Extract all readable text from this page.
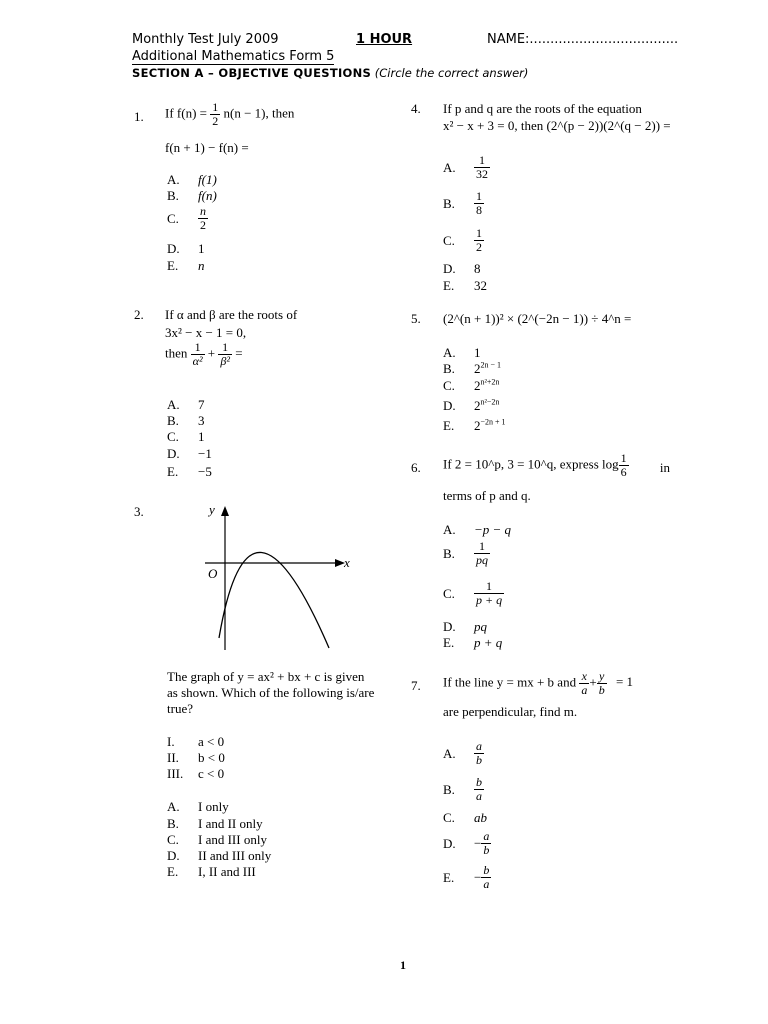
Monthly Test July 2009	1 HOUR	NAME:....................................
Additional Mathematics Form 5
SECTION A – OBJECTIVE QUESTIONS (Circle the correct answer)
1. If $f(n) = \frac{1}{2} n(n - 1)$, then
f(n + 1) − f(n) =
A. f(1)
B. f(n)
C. $\frac{n}{2}$
D. 1
E. n
2. If α and β are the roots of
3x² − x − 1 = 0,
then $\frac{1}{\text{α²}} + \frac{1}{\text{β²}}$ =
A. 7
B. 3
C. 1
D. −1
E. −5
3.	y
x
O
The graph of y = ax² + bx + c is given
as shown. Which of the following is/are
true?
I. a < 0
II. b < 0
III. c < 0
A. I only
B. I and II only
C. I and III only
D. II and III only
E. I, II and III
4. If p and q are the roots of the equation
x² − x + 3 = 0, then (2^(p − 2))(2^(q − 2)) =
A. $\frac{1}{32}$
B. $\frac{1}{8}$
C. $\frac{1}{2}$
D. 8
E. 32
5. (2^(n + 1))² × (2^(−2n − 1)) ÷ 4^n =
A. 1
B. $2^{2n - 1}$
C. $2^{n^2+2n}$
D. $2^{n^2-2n}$
E. $2^{-2n + 1}$
6. If 2 = 10^p, 3 = 10^q, express $\log \frac{1}{6}$ in
terms of p and q.
A. −p − q
B. $\frac{1}{pq}$
C. $\frac{1}{p + q}$
D. pq
E. p + q
7. If the line y = mx + b and $\frac{x}{a} + \frac{y}{b} = 1$
are perpendicular, find m.
A. $\frac{a}{b}$
B. $\frac{b}{a}$
C. ab
D. − $\frac{a}{b}$
E. − $\frac{b}{a}$
1
